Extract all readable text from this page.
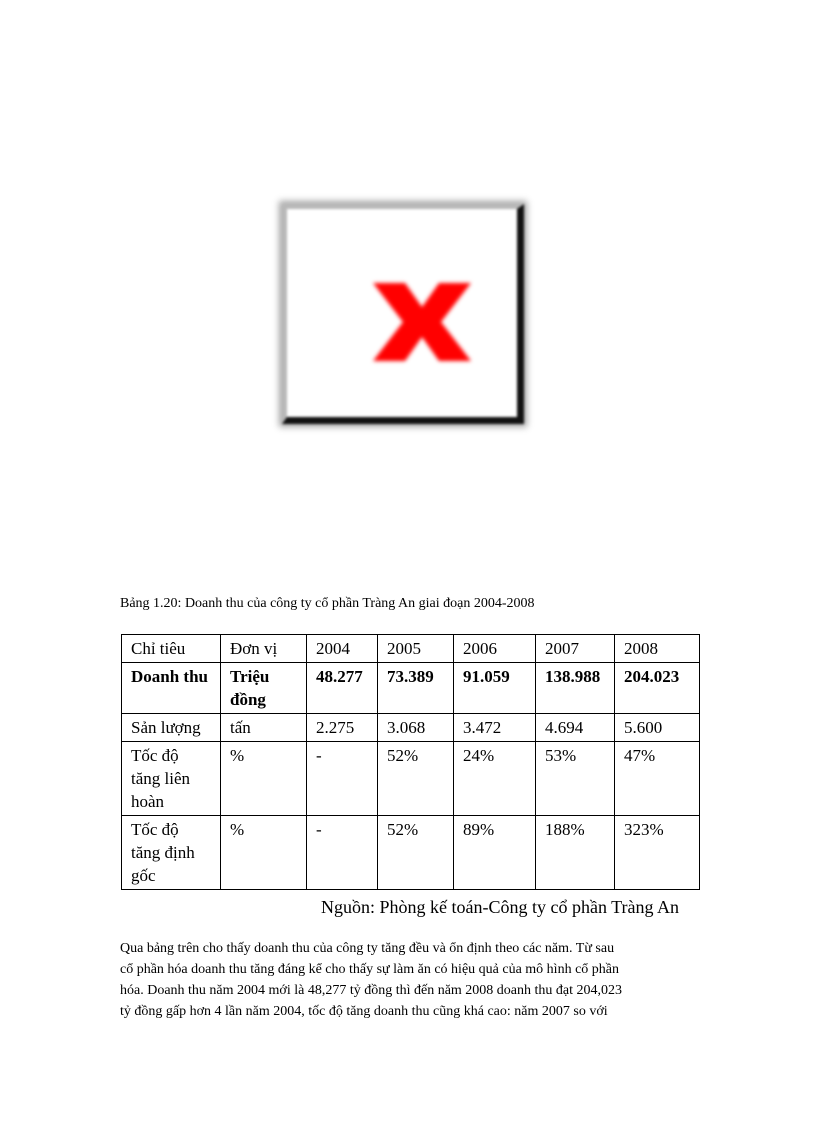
Bảng 1.20: Doanh thu của công ty cổ phần Tràng An giai đoạn 2004-2008
Chỉ tiêu	Đơn vị	2004	2005	2006	2007	2008
Doanh thu	Triệu đồng	48.277	73.389	91.059	138.988	204.023
Sản lượng	tấn	2.275	3.068	3.472	4.694	5.600
Tốc độ tăng liên hoàn	%	-	52%	24%	53%	47%
Tốc độ tăng định gốc	%	-	52%	89%	188%	323%
Nguồn: Phòng kế toán-Công ty cổ phần Tràng An
Qua bảng trên cho thấy doanh thu của công ty tăng đều và ổn định theo các năm. Từ sau
cổ phần hóa doanh thu tăng đáng kể cho thấy sự làm ăn có hiệu quả của mô hình cổ phần
hóa. Doanh thu năm 2004 mới là 48,277 tỷ đồng thì đến năm 2008 doanh thu đạt 204,023
tỷ đồng gấp hơn 4 lần năm 2004, tốc độ tăng doanh thu cũng khá cao: năm 2007 so với
